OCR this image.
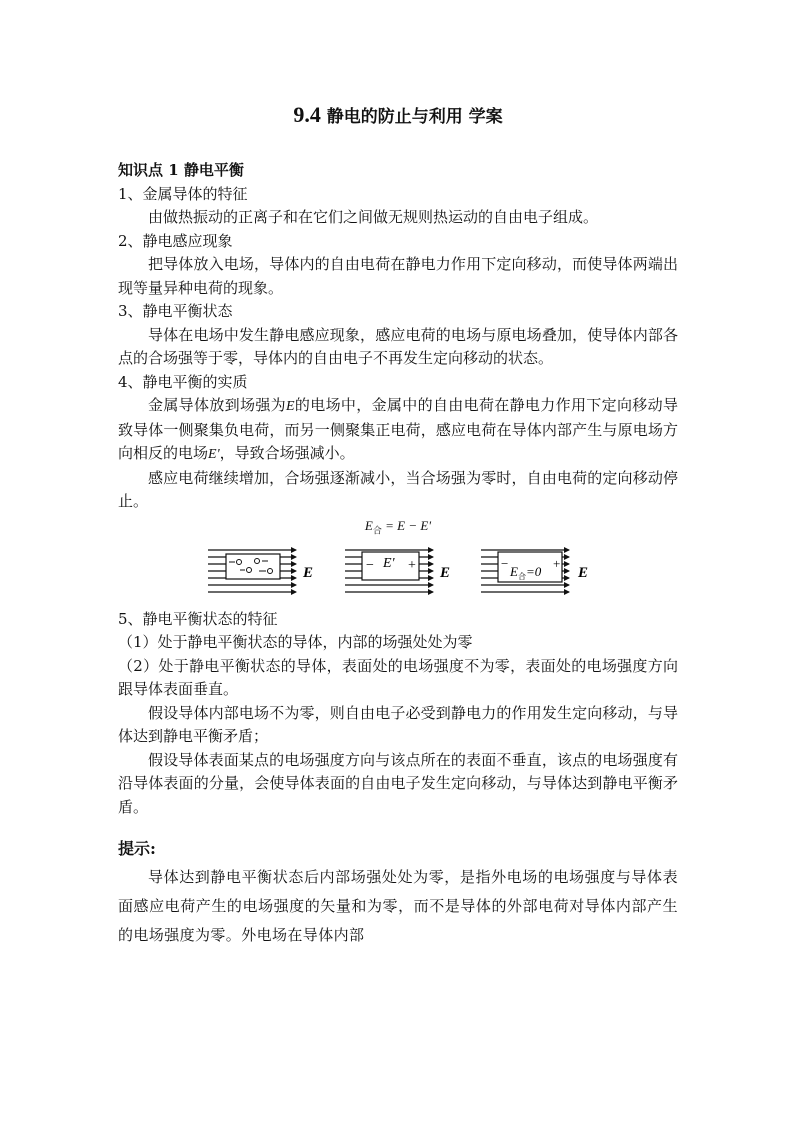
9.4 静电的防止与利用 学案

知识点 1 静电平衡

1、金属导体的特征

由做热振动的正离子和在它们之间做无规则热运动的自由电子组成。

2、静电感应现象

把导体放入电场，导体内的自由电荷在静电力作用下定向移动，而使导体两端出现等量异种电荷的现象。

3、静电平衡状态

导体在电场中发生静电感应现象，感应电荷的电场与原电场叠加，使导体内部各点的合场强等于零，导体内的自由电子不再发生定向移动的状态。

4、静电平衡的实质

金属导体放到场强为E的电场中，金属中的自由电荷在静电力作用下定向移动导致导体一侧聚集负电荷，而另一侧聚集正电荷，感应电荷在导体内部产生与原电场方向相反的电场E'，导致合场强减小。

感应电荷继续增加，合场强逐渐减小，当合场强为零时，自由电荷的定向移动停止。

$E_合 = E - E'$
E	− E' + E
−
$E_合=0$
+
E

5、静电平衡状态的特征

（1）处于静电平衡状态的导体，内部的场强处处为零

（2）处于静电平衡状态的导体，表面处的电场强度不为零，表面处的电场强度方向跟导体表面垂直。

假设导体内部电场不为零，则自由电子必受到静电力的作用发生定向移动，与导体达到静电平衡矛盾；

假设导体表面某点的电场强度方向与该点所在的表面不垂直，该点的电场强度有沿导体表面的分量，会使导体表面的自由电子发生定向移动，与导体达到静电平衡矛盾。

提示:

导体达到静电平衡状态后内部场强处处为零，是指外电场的电场强度与导体表面感应电荷产生的电场强度的矢量和为零，而不是导体的外部电荷对导体内部产生的电场强度为零。外电场在导体内部
